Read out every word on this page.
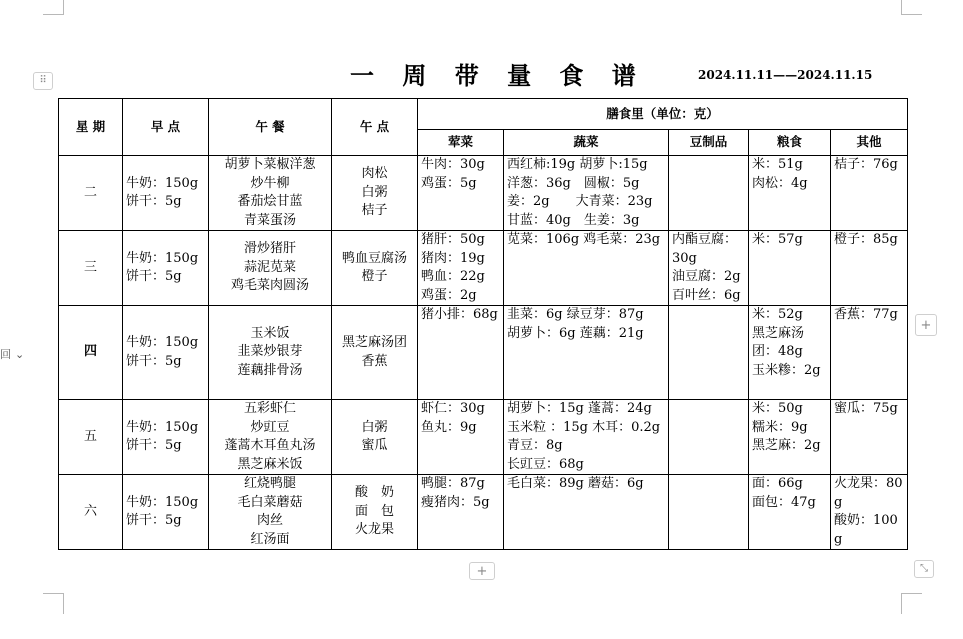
⠿
+
+	⤡
回 ⌄
一 周 带 量 食 谱	2024.11.11——2024.11.15
星 期	早 点	午 餐	午 点	膳食里（单位：克）				
				荤菜	蔬菜	豆制品	粮食	其他
二	牛奶：150g
饼干：5g	胡萝卜菜椒洋葱
炒牛柳
番茄烩甘蓝
青菜蛋汤	肉松
白粥
桔子	牛肉：30g
鸡蛋：5g	西红柿:19g 胡萝卜:15g
洋葱：36g　圆椒：5g
姜：2g　　大青菜：23g
甘蓝：40g　生姜：3g		米：51g
肉松：4g	桔子：76g

三	牛奶：150g
饼干：5g	滑炒猪肝
蒜泥苋菜
鸡毛菜肉圆汤	鸭血豆腐汤
橙子	猪肝：50g
猪肉：19g
鸭血：22g
鸡蛋：2g	苋菜：106g 鸡毛菜：23g	内酯豆腐：30g
油豆腐：2g
百叶丝：6g	米：57g	橙子：85g

四	牛奶：150g
饼干：5g	玉米饭
韭菜炒银芽
莲藕排骨汤	黑芝麻汤团
香蕉	猪小排：68g	韭菜：6g 绿豆芽：87g
胡萝卜：6g 莲藕：21g		米：52g
黑芝麻汤团：48g
玉米糁：2g	香蕉：77g

五	牛奶：150g
饼干：5g	五彩虾仁
炒豇豆
蓬蒿木耳鱼丸汤
黑芝麻米饭	白粥
蜜瓜	虾仁：30g
鱼丸：9g	胡萝卜：15g 蓬蒿：24g
玉米粒 ：15g 木耳：0.2g
青豆：8g
长豇豆：68g		米：50g
糯米：9g
黑芝麻：2g	蜜瓜：75g

六	牛奶：150g
饼干：5g	红烧鸭腿
毛白菜蘑菇
肉丝
红汤面	酸　奶
面　包
火龙果	鸭腿：87g
瘦猪肉：5g	毛白菜：89g 蘑菇：6g		面：66g
面包：47g	火龙果：80g
酸奶：100 g
